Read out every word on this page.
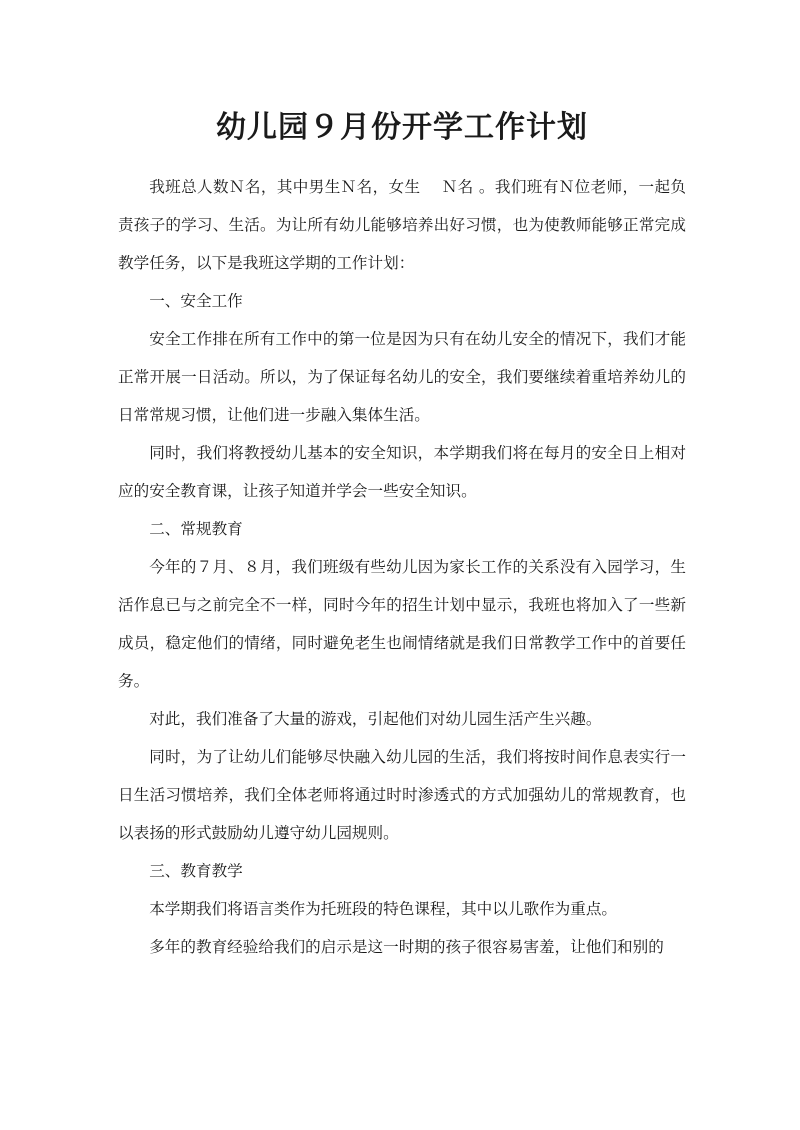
幼儿园９月份开学工作计划

我班总人数Ｎ名，其中男生Ｎ名，女生　 Ｎ名 。我们班有Ｎ位老师，一起负责孩子的学习、生活。为让所有幼儿能够培养出好习惯，也为使教师能够正常完成教学任务，以下是我班这学期的工作计划：

一、安全工作

安全工作排在所有工作中的第一位是因为只有在幼儿安全的情况下，我们才能正常开展一日活动。所以，为了保证每名幼儿的安全，我们要继续着重培养幼儿的日常常规习惯，让他们进一步融入集体生活。

同时，我们将教授幼儿基本的安全知识，本学期我们将在每月的安全日上相对应的安全教育课，让孩子知道并学会一些安全知识。

二、常规教育

今年的７月、８月，我们班级有些幼儿因为家长工作的关系没有入园学习，生活作息已与之前完全不一样，同时今年的招生计划中显示，我班也将加入了一些新成员，稳定他们的情绪，同时避免老生也闹情绪就是我们日常教学工作中的首要任务。

对此，我们准备了大量的游戏，引起他们对幼儿园生活产生兴趣。

同时，为了让幼儿们能够尽快融入幼儿园的生活，我们将按时间作息表实行一日生活习惯培养，我们全体老师将通过时时渗透式的方式加强幼儿的常规教育，也以表扬的形式鼓励幼儿遵守幼儿园规则。

三、教育教学

本学期我们将语言类作为托班段的特色课程，其中以儿歌作为重点。

多年的教育经验给我们的启示是这一时期的孩子很容易害羞，让他们和别的
